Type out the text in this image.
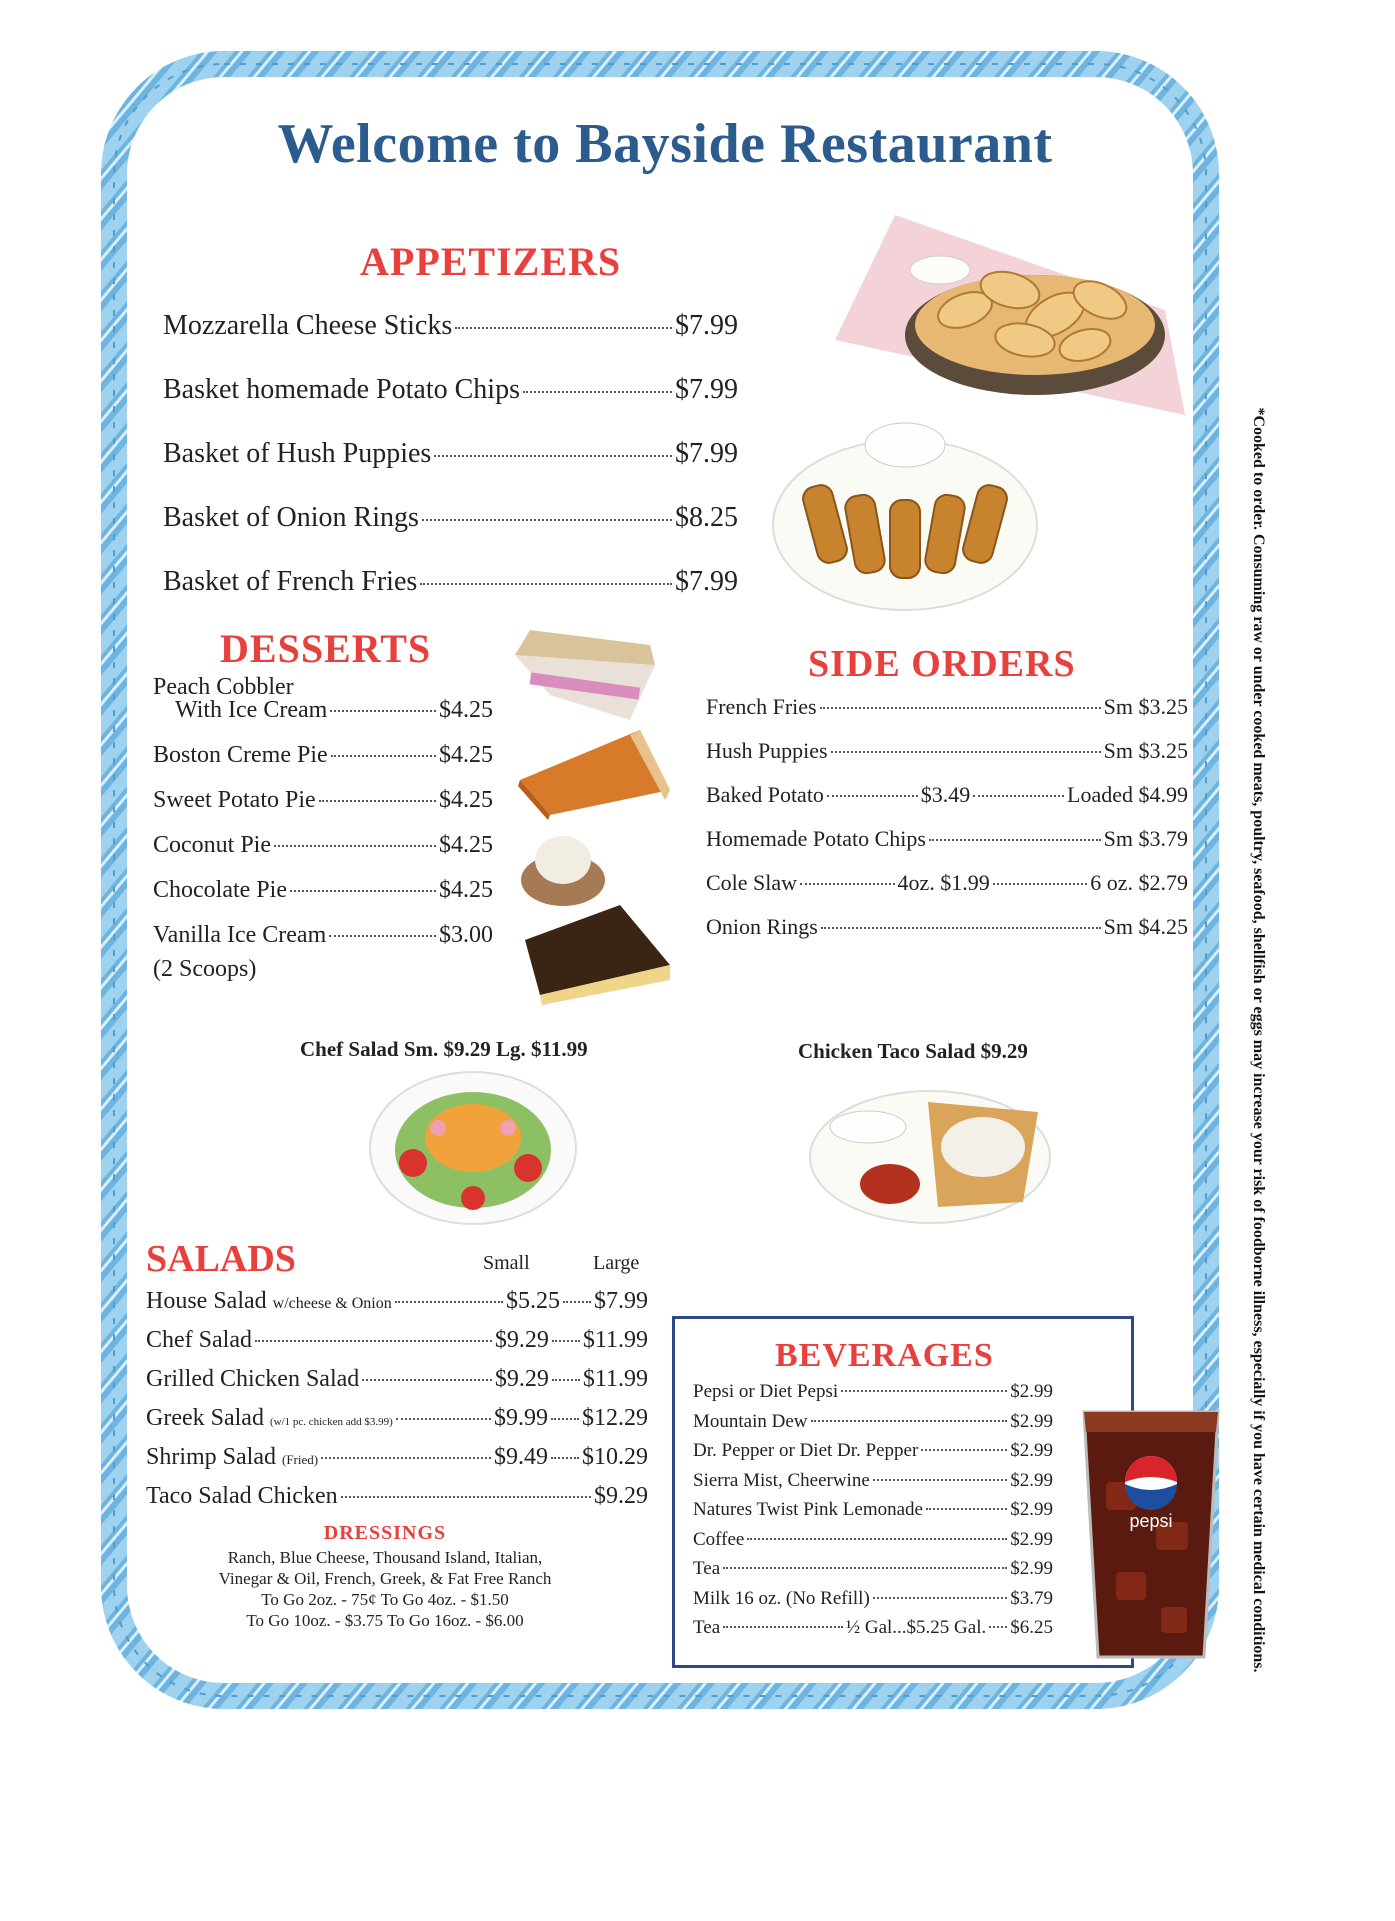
Welcome to Bayside Restaurant
*Cooked to order. Consuming raw or under cooked meats, poultry, seafood, shellfish or eggs may increase your risk of foodborne illness, especially if you have certain medical conditions.
APPETIZERS
Mozzarella Cheese Sticks	$7.99
Basket homemade Potato Chips	$7.99
Basket of Hush Puppies	$7.99
Basket of Onion Rings	$8.25
Basket of French Fries	$7.99
DESSERTS
Peach Cobbler
With Ice Cream	$4.25
Boston Creme Pie	$4.25
Sweet Potato Pie	$4.25
Coconut Pie	$4.25
Chocolate Pie	$4.25
Vanilla Ice Cream	$3.00
(2 Scoops)
SIDE ORDERS
French Fries	Sm $3.25
Hush Puppies	Sm $3.25
Baked Potato	$3.49	Loaded $4.99
Homemade Potato Chips	Sm $3.79
Cole Slaw	4oz. $1.99	6 oz. $2.79
Onion Rings	Sm $4.25
Chef Salad Sm. $9.29 Lg. $11.99	Chicken Taco Salad $9.29
SALADS	Small	Large
House Salad
w/cheese & Onion	$5.25 $7.99
Chef Salad	$9.29 $11.99
Grilled Chicken Salad	$9.29 $11.99
Greek Salad
(w/1 pc. chicken add $3.99)	$9.99 $12.29
Shrimp Salad
(Fried)	$9.49 $10.29
Taco Salad Chicken	$9.29
DRESSINGS
Ranch, Blue Cheese, Thousand Island, Italian,
Vinegar & Oil, French, Greek, & Fat Free Ranch
To Go 2oz. - 75¢ To Go 4oz. - $1.50
To Go 10oz. - $3.75 To Go 16oz. - $6.00
BEVERAGES
Pepsi or Diet Pepsi	$2.99
Mountain Dew	$2.99
Dr. Pepper or Diet Dr. Pepper	$2.99
Sierra Mist, Cheerwine	$2.99
Natures Twist Pink Lemonade	$2.99
Coffee	$2.99
Tea	$2.99
Milk 16 oz. (No Refill)	$3.79
Tea	½ Gal...$5.25 Gal. $6.25
pepsi
